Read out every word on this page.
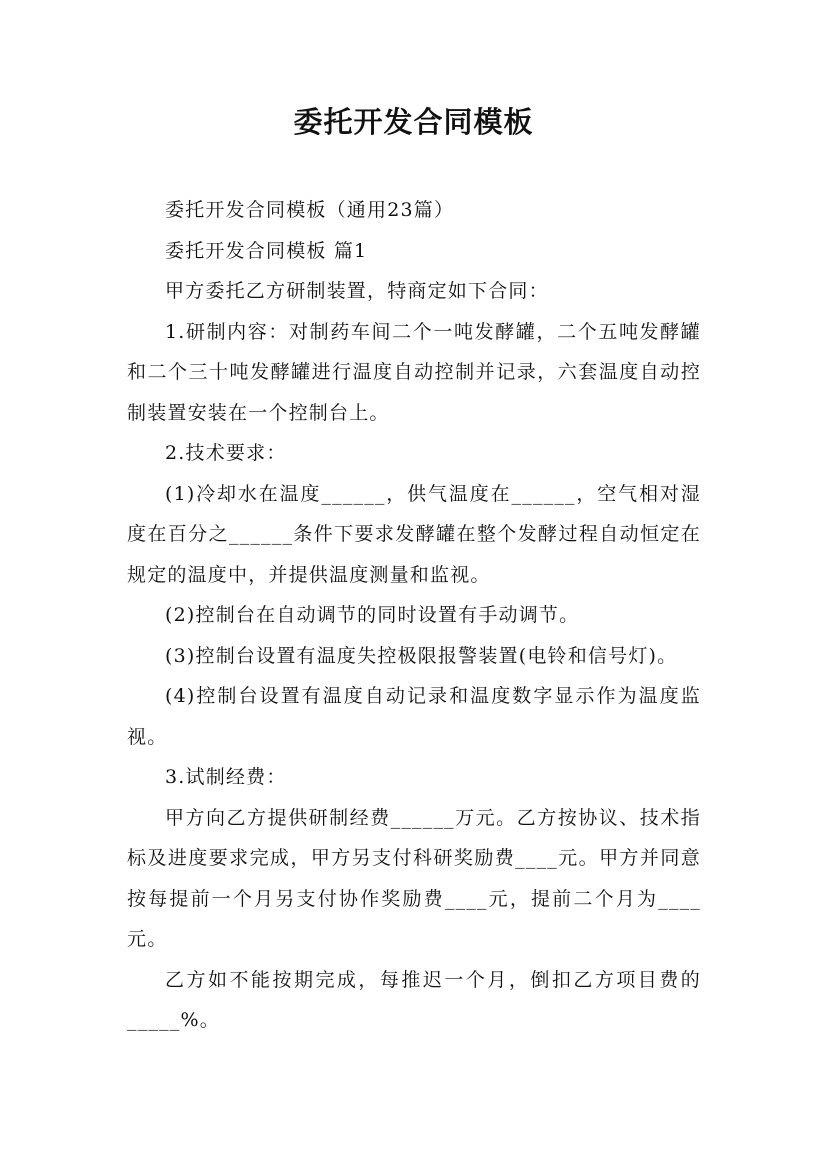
委托开发合同模板

委托开发合同模板（通用23篇）

委托开发合同模板 篇1

甲方委托乙方研制装置，特商定如下合同：

1.研制内容：对制药车间二个一吨发酵罐，二个五吨发酵罐和二个三十吨发酵罐进行温度自动控制并记录，六套温度自动控制装置安装在一个控制台上。

2.技术要求：

(1)冷却水在温度______，供气温度在______，空气相对湿度在百分之______条件下要求发酵罐在整个发酵过程自动恒定在规定的温度中，并提供温度测量和监视。

(2)控制台在自动调节的同时设置有手动调节。

(3)控制台设置有温度失控极限报警装置(电铃和信号灯)。

(4)控制台设置有温度自动记录和温度数字显示作为温度监视。

3.试制经费：

甲方向乙方提供研制经费______万元。乙方按协议、技术指标及进度要求完成，甲方另支付科研奖励费____元。甲方并同意按每提前一个月另支付协作奖励费____元，提前二个月为____元。

乙方如不能按期完成，每推迟一个月，倒扣乙方项目费的_____%。
